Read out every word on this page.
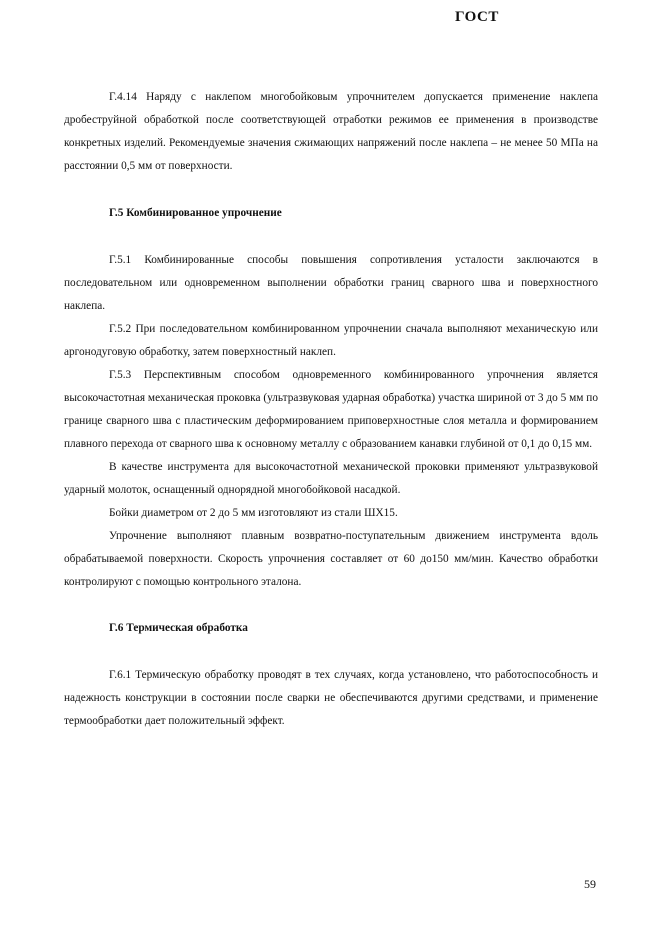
ГОСТ

Г.4.14 Наряду с наклепом многобойковым упрочнителем допускается применение наклепа дробеструйной обработкой после соответствующей отработки режимов ее применения в производстве конкретных изделий. Рекомендуемые значения сжимающих напряжений после наклепа – не менее 50 МПа на расстоянии 0,5 мм от поверхности.

Г.5 Комбинированное упрочнение

Г.5.1 Комбинированные способы повышения сопротивления усталости заключаются в последовательном или одновременном выполнении обработки границ сварного шва и поверхностного наклепа.

Г.5.2 При последовательном комбинированном упрочнении сначала выполняют механическую или аргонодуговую обработку, затем поверхностный наклеп.

Г.5.3 Перспективным способом одновременного комбинированного упрочнения является высокочастотная механическая проковка (ультразвуковая ударная обработка) участка шириной от 3 до 5 мм по границе сварного шва с пластическим деформированием приповерхностные слоя металла и формированием плавного перехода от сварного шва к основному металлу с образованием канавки глубиной от 0,1 до 0,15 мм.

В качестве инструмента для высокочастотной механической проковки применяют ультразвуковой ударный молоток, оснащенный однорядной многобойковой насадкой.

Бойки диаметром от 2 до 5 мм изготовляют из стали ШХ15.

Упрочнение выполняют плавным возвратно-поступательным движением инструмента вдоль обрабатываемой поверхности. Скорость упрочнения составляет от 60 до150 мм/мин. Качество обработки контролируют с помощью контрольного эталона.

Г.6 Термическая обработка

Г.6.1 Термическую обработку проводят в тех случаях, когда установлено, что работоспособность и надежность конструкции в состоянии после сварки не обеспечиваются другими средствами, и применение термообработки дает положительный эффект.

59
